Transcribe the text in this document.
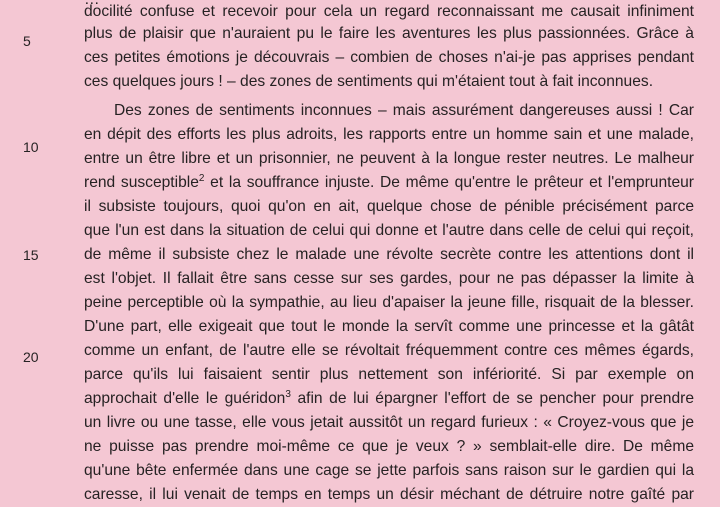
docilité confuse et recevoir pour cela un regard reconnaissant me causait infiniment
plus de plaisir que n'auraient pu le faire les aventures les plus passionnées. Grâce à
ces petites émotions je découvrais – combien de choses n'ai-je pas apprises pendant
ces quelques jours ! – des zones de sentiments qui m'étaient tout à fait inconnues.
Des zones de sentiments inconnues – mais assurément dangereuses aussi ! Car
en dépit des efforts les plus adroits, les rapports entre un homme sain et une malade,
entre un être libre et un prisonnier, ne peuvent à la longue rester neutres. Le malheur
rend susceptible$^2$ et la souffrance injuste. De même qu'entre le prêteur et l'emprunteur
il subsiste toujours, quoi qu'on en ait, quelque chose de pénible précisément parce
que l'un est dans la situation de celui qui donne et l'autre dans celle de celui qui reçoit,
de même il subsiste chez le malade une révolte secrète contre les attentions dont il
est l'objet. Il fallait être sans cesse sur ses gardes, pour ne pas dépasser la limite à
peine perceptible où la sympathie, au lieu d'apaiser la jeune fille, risquait de la blesser.
D'une part, elle exigeait que tout le monde la servît comme une princesse et la gâtât
comme un enfant, de l'autre elle se révoltait fréquemment contre ces mêmes égards,
parce qu'ils lui faisaient sentir plus nettement son infériorité. Si par exemple on
approchait d'elle le guéridon$^3$ afin de lui épargner l'effort de se pencher pour prendre
un livre ou une tasse, elle vous jetait aussitôt un regard furieux : « Croyez-vous que je
ne puisse pas prendre moi-même ce que je veux ? » semblait-elle dire. De même
qu'une bête enfermée dans une cage se jette parfois sans raison sur le gardien qui la
caresse, il lui venait de temps en temps un désir méchant de détruire notre gaîté par
5
10
15
20
